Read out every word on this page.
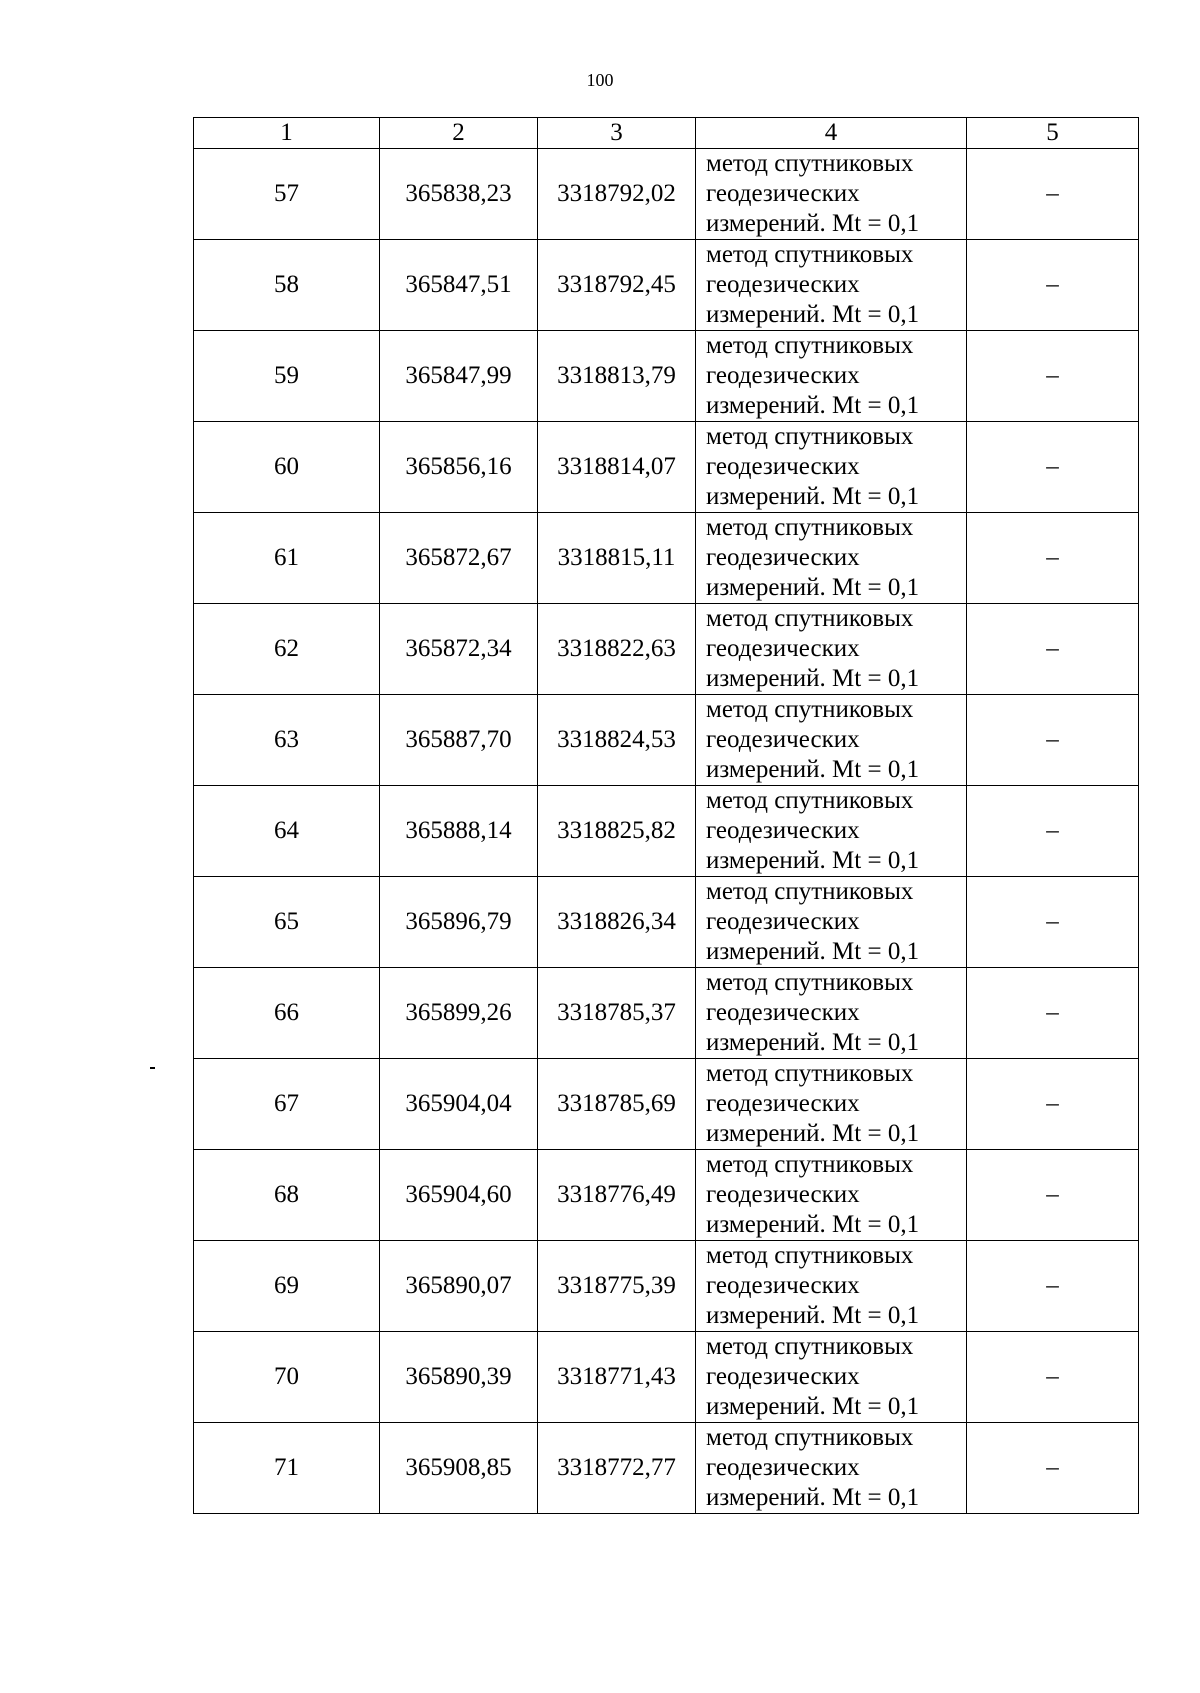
100
1	2	3	4	5
57	365838,23	3318792,02	метод спутниковых
геодезических
измерений. Mt = 0,1	–
58	365847,51	3318792,45	метод спутниковых
геодезических
измерений. Mt = 0,1	–
59	365847,99	3318813,79	метод спутниковых
геодезических
измерений. Mt = 0,1	–
60	365856,16	3318814,07	метод спутниковых
геодезических
измерений. Mt = 0,1	–
61	365872,67	3318815,11	метод спутниковых
геодезических
измерений. Mt = 0,1	–
62	365872,34	3318822,63	метод спутниковых
геодезических
измерений. Mt = 0,1	–
63	365887,70	3318824,53	метод спутниковых
геодезических
измерений. Mt = 0,1	–
64	365888,14	3318825,82	метод спутниковых
геодезических
измерений. Mt = 0,1	–
65	365896,79	3318826,34	метод спутниковых
геодезических
измерений. Mt = 0,1	–
66	365899,26	3318785,37	метод спутниковых
геодезических
измерений. Mt = 0,1	–
67	365904,04	3318785,69	метод спутниковых
геодезических
измерений. Mt = 0,1	–
68	365904,60	3318776,49	метод спутниковых
геодезических
измерений. Mt = 0,1	–
69	365890,07	3318775,39	метод спутниковых
геодезических
измерений. Mt = 0,1	–
70	365890,39	3318771,43	метод спутниковых
геодезических
измерений. Mt = 0,1	–
71	365908,85	3318772,77	метод спутниковых
геодезических
измерений. Mt = 0,1	–
